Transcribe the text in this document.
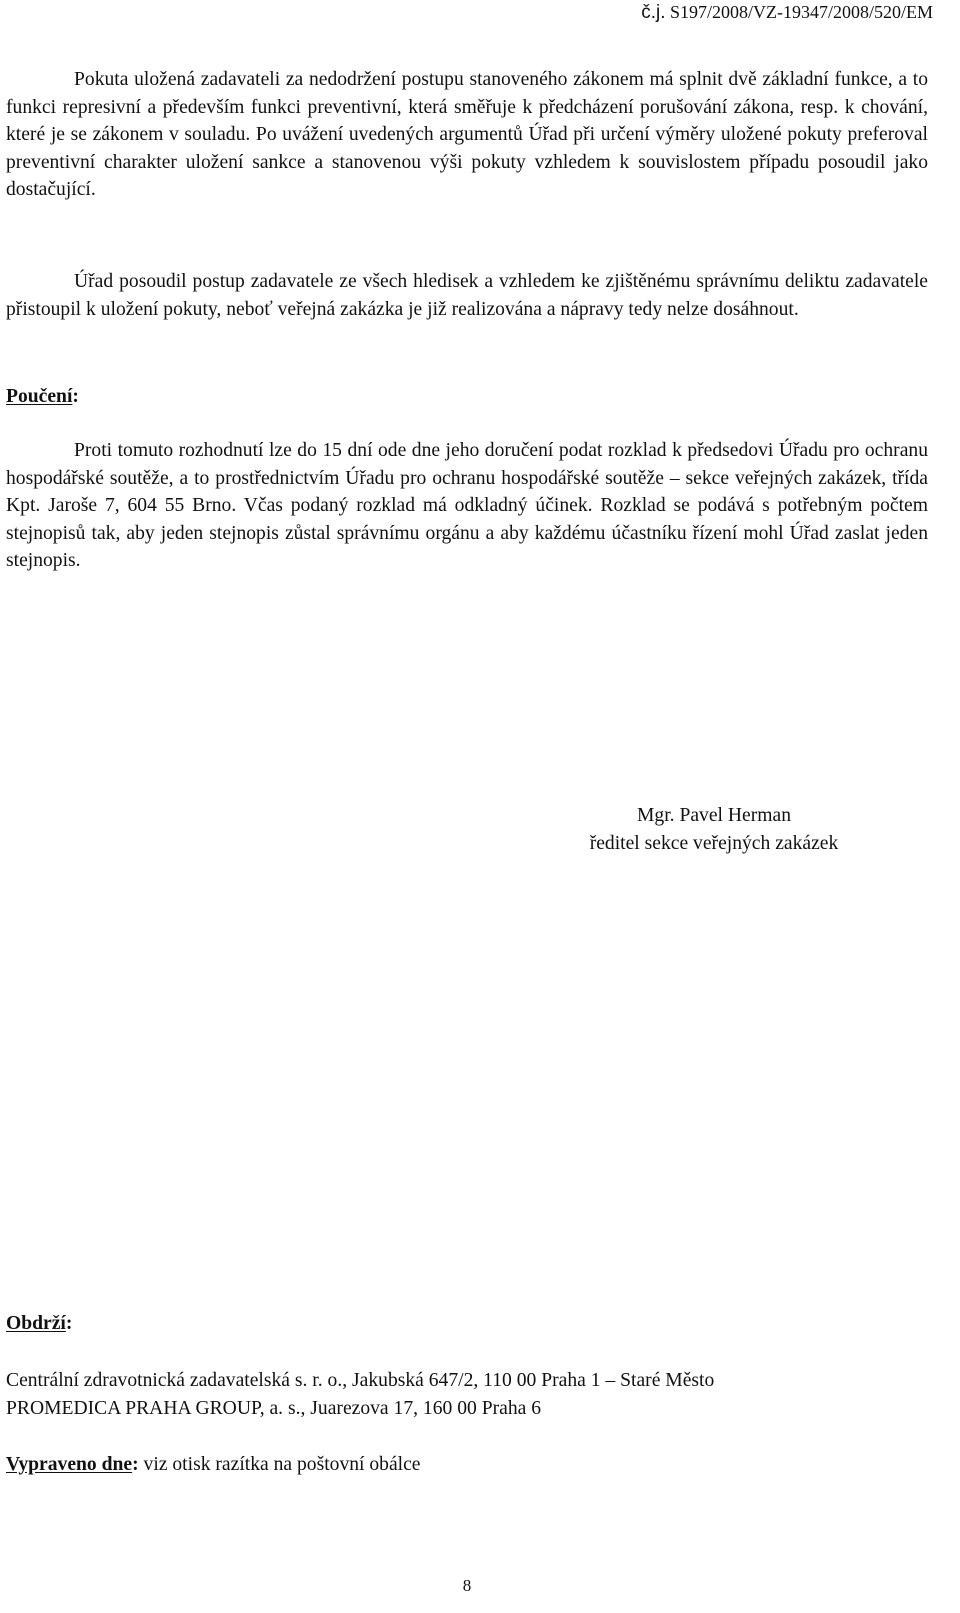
č.j. S197/2008/VZ-19347/2008/520/EM

Pokuta uložená zadavateli za nedodržení postupu stanoveného zákonem má splnit dvě základní funkce, a to funkci represivní a především funkci preventivní, která směřuje k předcházení porušování zákona, resp. k chování, které je se zákonem v souladu. Po uvážení uvedených argumentů Úřad při určení výměry uložené pokuty preferoval preventivní charakter uložení sankce a stanovenou výši pokuty vzhledem k souvislostem případu posoudil jako dostačující.

Úřad posoudil postup zadavatele ze všech hledisek a vzhledem ke zjištěnému správnímu deliktu zadavatele přistoupil k uložení pokuty, neboť veřejná zakázka je již realizována a nápravy tedy nelze dosáhnout.

Poučení:

Proti tomuto rozhodnutí lze do 15 dní ode dne jeho doručení podat rozklad k předsedovi Úřadu pro ochranu hospodářské soutěže, a to prostřednictvím Úřadu pro ochranu hospodářské soutěže – sekce veřejných zakázek, třída Kpt. Jaroše 7, 604 55 Brno. Včas podaný rozklad má odkladný účinek. Rozklad se podává s potřebným počtem stejnopisů tak, aby jeden stejnopis zůstal správnímu orgánu a aby každému účastníku řízení mohl Úřad zaslat jeden stejnopis.

Mgr. Pavel Herman
ředitel sekce veřejných zakázek
Obdrží:
Centrální zdravotnická zadavatelská s. r. o., Jakubská 647/2, 110 00 Praha 1 – Staré Město
PROMEDICA PRAHA GROUP, a. s., Juarezova 17, 160 00 Praha 6
Vypraveno dne: viz otisk razítka na poštovní obálce
8
